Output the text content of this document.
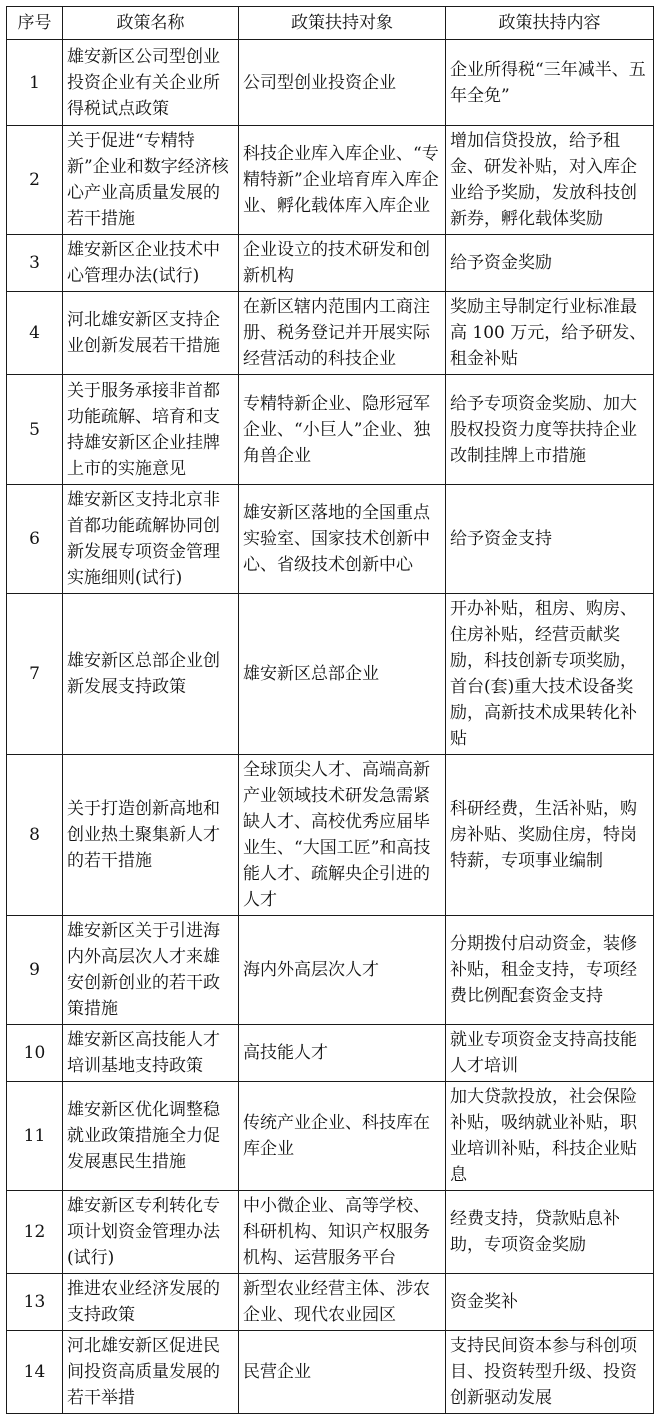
序号	政策名称	政策扶持对象	政策扶持内容
1	雄安新区公司型创业投资企业有关企业所得税试点政策	公司型创业投资企业	企业所得税“三年减半、五年全免”
2	关于促进“专精特新”企业和数字经济核心产业高质量发展的若干措施	科技企业库入库企业、“专精特新”企业培育库入库企业、孵化载体库入库企业	增加信贷投放，给予租金、研发补贴，对入库企业给予奖励，发放科技创新券，孵化载体奖励
3	雄安新区企业技术中心管理办法(试行)	企业设立的技术研发和创新机构	给予资金奖励
4	河北雄安新区支持企业创新发展若干措施	在新区辖内范围内工商注册、税务登记并开展实际经营活动的科技企业	奖励主导制定行业标准最高 100 万元，给予研发、租金补贴
5	关于服务承接非首都功能疏解、培育和支持雄安新区企业挂牌上市的实施意见	专精特新企业、隐形冠军企业、“小巨人”企业、独角兽企业	给予专项资金奖励、加大股权投资力度等扶持企业改制挂牌上市措施
6	雄安新区支持北京非首都功能疏解协同创新发展专项资金管理实施细则(试行)	雄安新区落地的全国重点实验室、国家技术创新中心、省级技术创新中心	给予资金支持
7	雄安新区总部企业创新发展支持政策	雄安新区总部企业	开办补贴，租房、购房、住房补贴，经营贡献奖励，科技创新专项奖励，首台(套)重大技术设备奖励，高新技术成果转化补贴
8	关于打造创新高地和创业热土聚集新人才的若干措施	全球顶尖人才、高端高新产业领域技术研发急需紧缺人才、高校优秀应届毕业生、“大国工匠”和高技能人才、疏解央企引进的人才	科研经费，生活补贴，购房补贴、奖励住房，特岗特薪，专项事业编制
9	雄安新区关于引进海内外高层次人才来雄安创新创业的若干政策措施	海内外高层次人才	分期拨付启动资金，装修补贴，租金支持，专项经费比例配套资金支持
10	雄安新区高技能人才培训基地支持政策	高技能人才	就业专项资金支持高技能人才培训
11	雄安新区优化调整稳就业政策措施全力促发展惠民生措施	传统产业企业、科技库在库企业	加大贷款投放，社会保险补贴，吸纳就业补贴，职业培训补贴，科技企业贴息
12	雄安新区专利转化专项计划资金管理办法(试行)	中小微企业、高等学校、科研机构、知识产权服务机构、运营服务平台	经费支持，贷款贴息补助，专项资金奖励
13	推进农业经济发展的支持政策	新型农业经营主体、涉农企业、现代农业园区	资金奖补
14	河北雄安新区促进民间投资高质量发展的若干举措	民营企业	支持民间资本参与科创项目、投资转型升级、投资创新驱动发展
